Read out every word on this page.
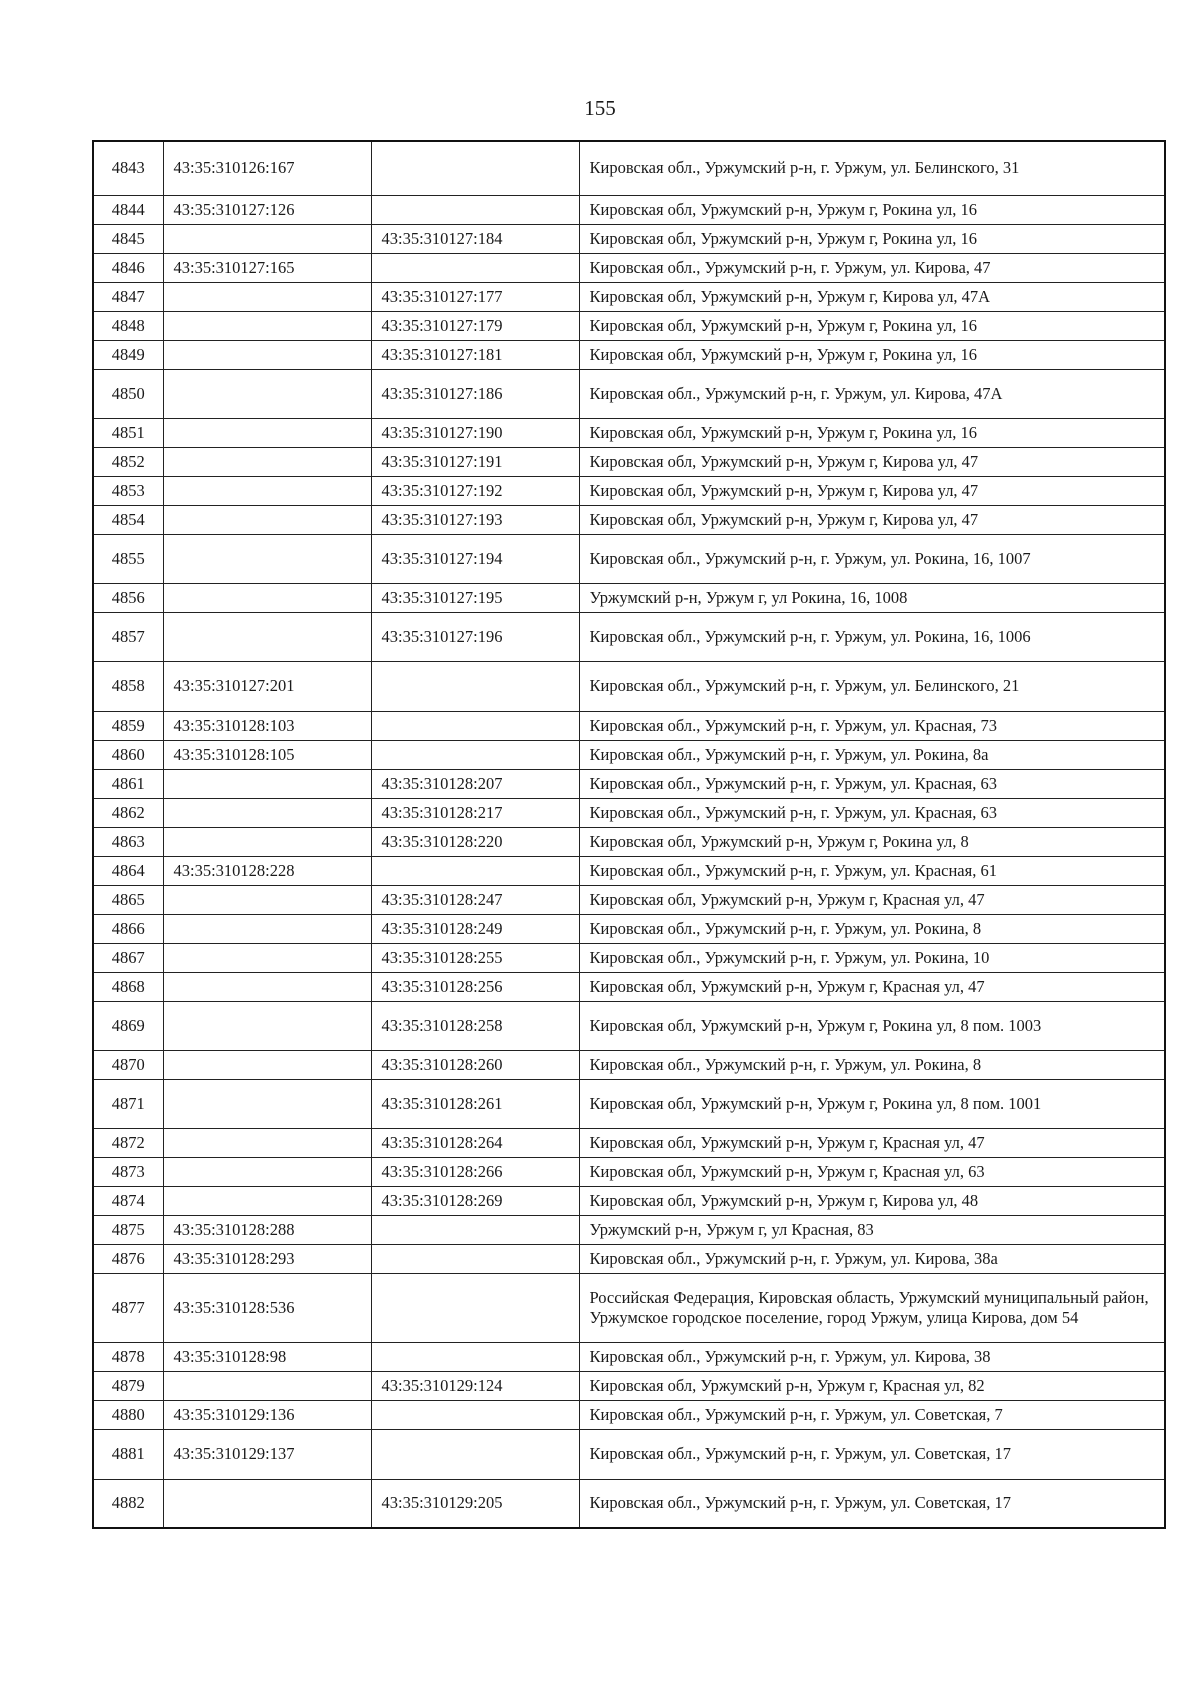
155
4843	43:35:310126:167		Кировская обл., Уржумский р-н, г. Уржум, ул. Белинского, 31
4844	43:35:310127:126		Кировская обл, Уржумский р-н, Уржум г, Рокина ул, 16
4845		43:35:310127:184	Кировская обл, Уржумский р-н, Уржум г, Рокина ул, 16
4846	43:35:310127:165		Кировская обл., Уржумский р-н, г. Уржум, ул. Кирова, 47
4847		43:35:310127:177	Кировская обл, Уржумский р-н, Уржум г, Кирова ул, 47А
4848		43:35:310127:179	Кировская обл, Уржумский р-н, Уржум г, Рокина ул, 16
4849		43:35:310127:181	Кировская обл, Уржумский р-н, Уржум г, Рокина ул, 16
4850		43:35:310127:186	Кировская обл., Уржумский р-н, г. Уржум, ул. Кирова, 47А
4851		43:35:310127:190	Кировская обл, Уржумский р-н, Уржум г, Рокина ул, 16
4852		43:35:310127:191	Кировская обл, Уржумский р-н, Уржум г, Кирова ул, 47
4853		43:35:310127:192	Кировская обл, Уржумский р-н, Уржум г, Кирова ул, 47
4854		43:35:310127:193	Кировская обл, Уржумский р-н, Уржум г, Кирова ул, 47
4855		43:35:310127:194	Кировская обл., Уржумский р-н, г. Уржум, ул. Рокина, 16, 1007
4856		43:35:310127:195	Уржумский р-н, Уржум г, ул Рокина, 16, 1008
4857		43:35:310127:196	Кировская обл., Уржумский р-н, г. Уржум, ул. Рокина, 16, 1006
4858	43:35:310127:201		Кировская обл., Уржумский р-н, г. Уржум, ул. Белинского, 21
4859	43:35:310128:103		Кировская обл., Уржумский р-н, г. Уржум, ул. Красная, 73
4860	43:35:310128:105		Кировская обл., Уржумский р-н, г. Уржум, ул. Рокина, 8а
4861		43:35:310128:207	Кировская обл., Уржумский р-н, г. Уржум, ул. Красная, 63
4862		43:35:310128:217	Кировская обл., Уржумский р-н, г. Уржум, ул. Красная, 63
4863		43:35:310128:220	Кировская обл, Уржумский р-н, Уржум г, Рокина ул, 8
4864	43:35:310128:228		Кировская обл., Уржумский р-н, г. Уржум, ул. Красная, 61
4865		43:35:310128:247	Кировская обл, Уржумский р-н, Уржум г, Красная ул, 47
4866		43:35:310128:249	Кировская обл., Уржумский р-н, г. Уржум, ул. Рокина, 8
4867		43:35:310128:255	Кировская обл., Уржумский р-н, г. Уржум, ул. Рокина, 10
4868		43:35:310128:256	Кировская обл, Уржумский р-н, Уржум г, Красная ул, 47
4869		43:35:310128:258	Кировская обл, Уржумский р-н, Уржум г, Рокина ул, 8 пом. 1003
4870		43:35:310128:260	Кировская обл., Уржумский р-н, г. Уржум, ул. Рокина, 8
4871		43:35:310128:261	Кировская обл, Уржумский р-н, Уржум г, Рокина ул, 8 пом. 1001
4872		43:35:310128:264	Кировская обл, Уржумский р-н, Уржум г, Красная ул, 47
4873		43:35:310128:266	Кировская обл, Уржумский р-н, Уржум г, Красная ул, 63
4874		43:35:310128:269	Кировская обл, Уржумский р-н, Уржум г, Кирова ул, 48
4875	43:35:310128:288		Уржумский р-н, Уржум г, ул Красная, 83
4876	43:35:310128:293		Кировская обл., Уржумский р-н, г. Уржум, ул. Кирова, 38а
4877	43:35:310128:536		Российская Федерация, Кировская область, Уржумский муниципальный район, Уржумское городское поселение, город Уржум, улица Кирова, дом 54
4878	43:35:310128:98		Кировская обл., Уржумский р-н, г. Уржум, ул. Кирова, 38
4879		43:35:310129:124	Кировская обл, Уржумский р-н, Уржум г, Красная ул, 82
4880	43:35:310129:136		Кировская обл., Уржумский р-н, г. Уржум, ул. Советская, 7
4881	43:35:310129:137		Кировская обл., Уржумский р-н, г. Уржум, ул. Советская, 17
4882		43:35:310129:205	Кировская обл., Уржумский р-н, г. Уржум, ул. Советская, 17
